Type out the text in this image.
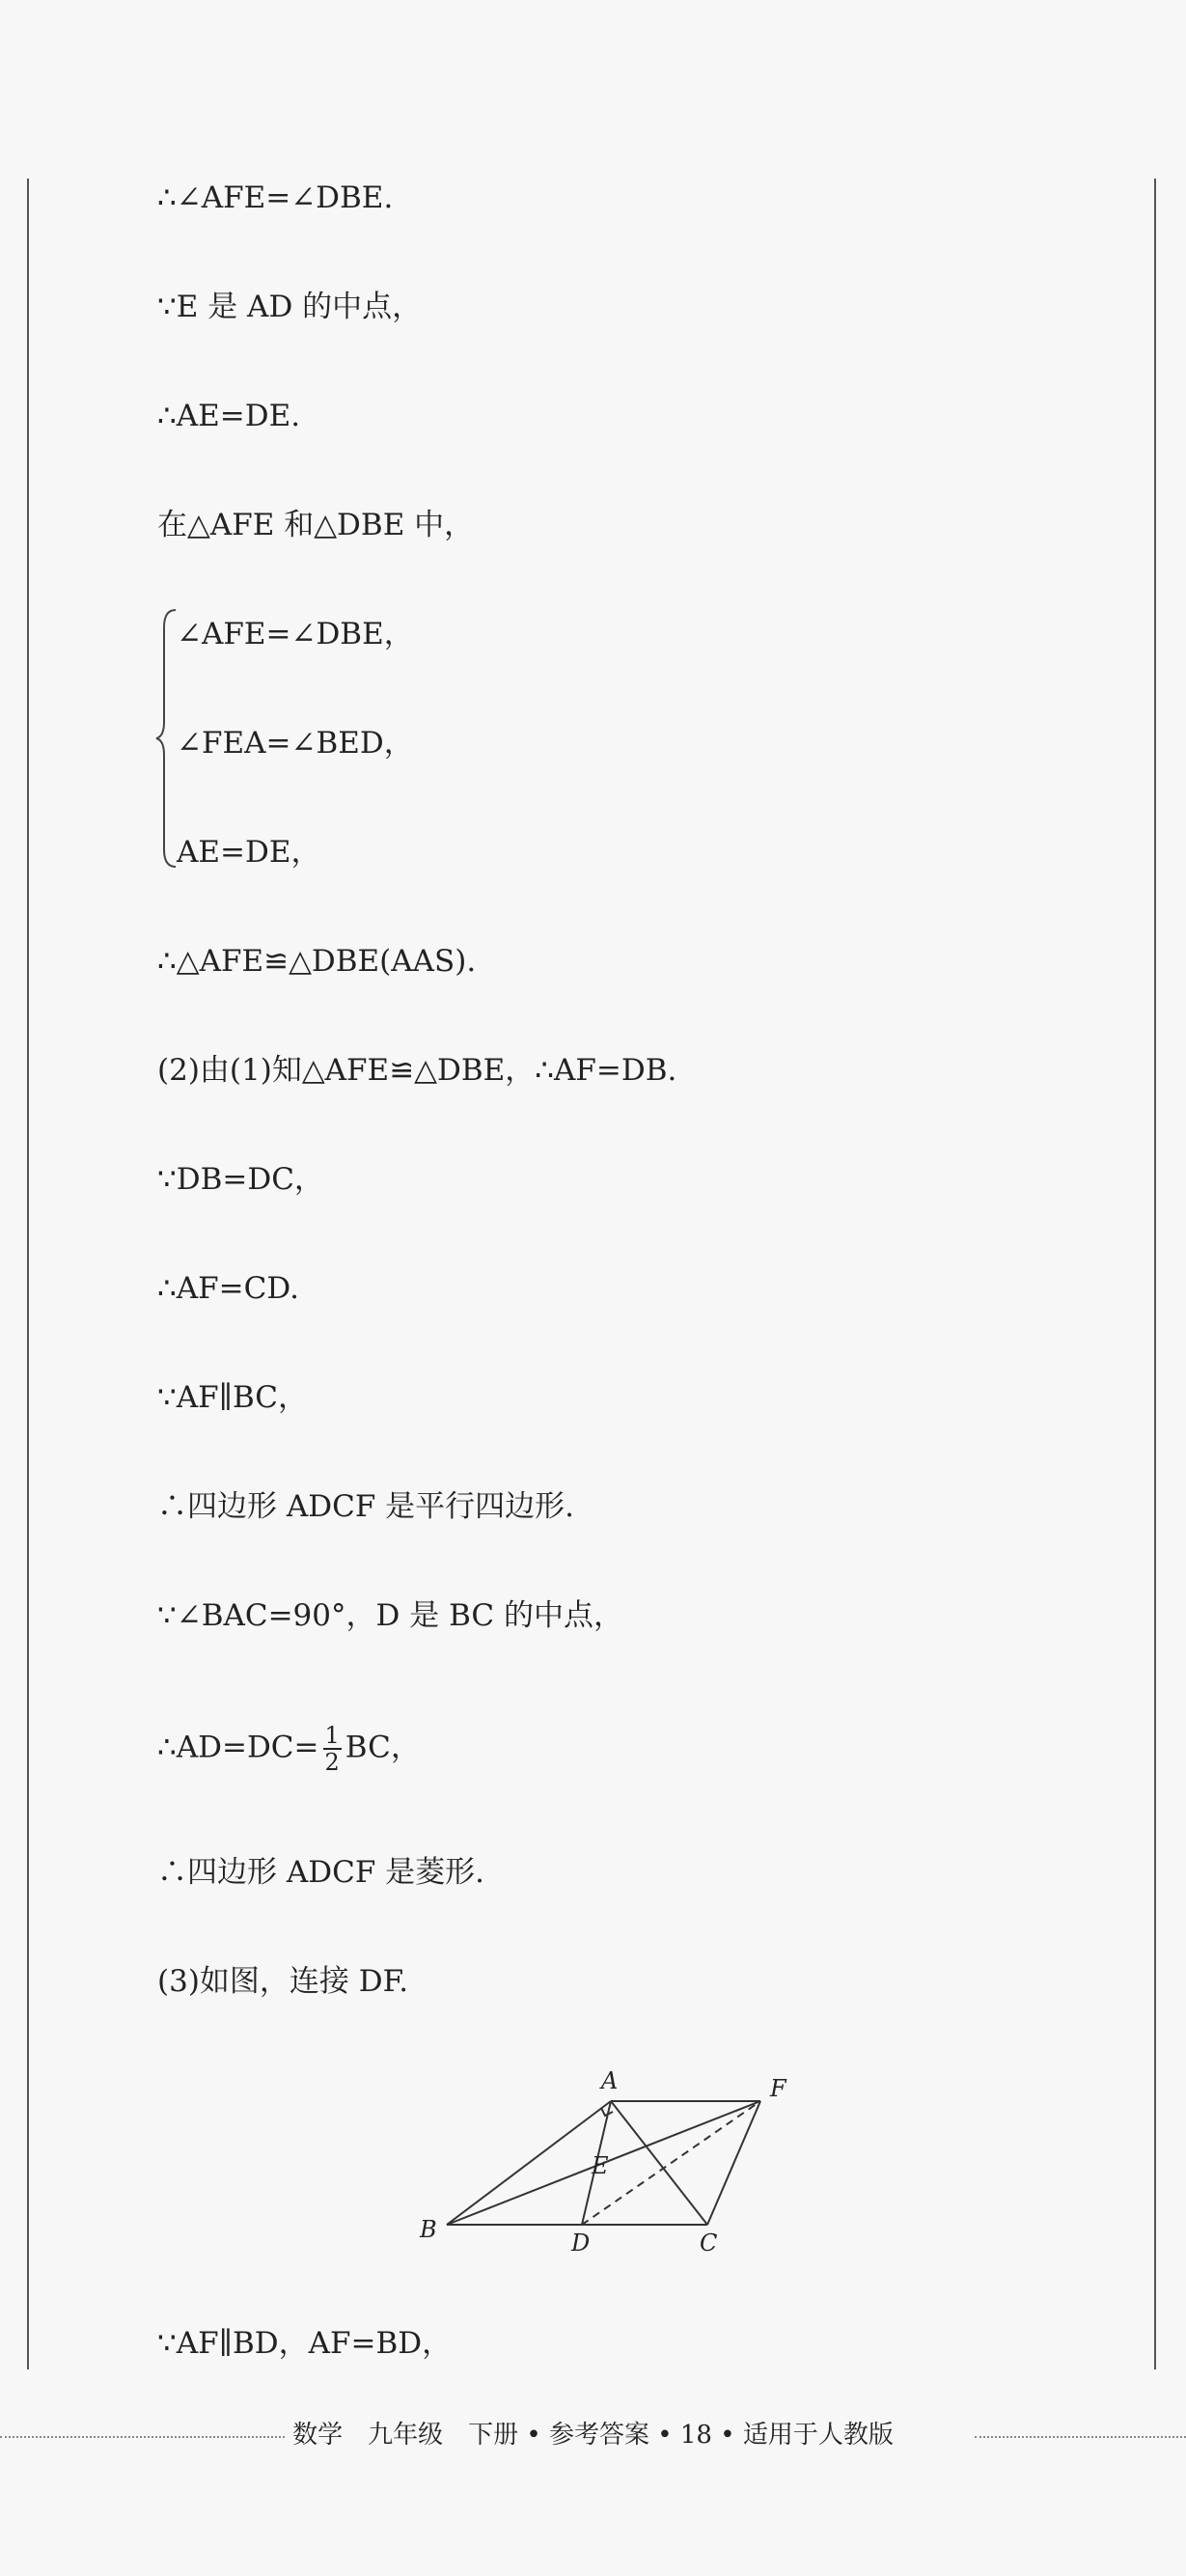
∴∠AFE=∠DBE.
∵E 是 AD 的中点，
∴AE=DE.
在△AFE 和△DBE 中，
∠AFE=∠DBE，
∠FEA=∠BED，
AE=DE，
∴△AFE≌△DBE(AAS).
(2)由(1)知△AFE≌△DBE，∴AF=DB.
∵DB=DC，
∴AF=CD.
∵AF∥BC，
∴四边形 ADCF 是平行四边形.
∵∠BAC=90°，D 是 BC 的中点，
∴AD=DC= $\frac{1}{2}$ BC，
∴四边形 ADCF 是菱形.
(3)如图，连接 DF.
A	F
E
B	D	C
∵AF∥BD，AF=BD，
数学　九年级　下册 • 参考答案 • 18 • 适用于人教版
